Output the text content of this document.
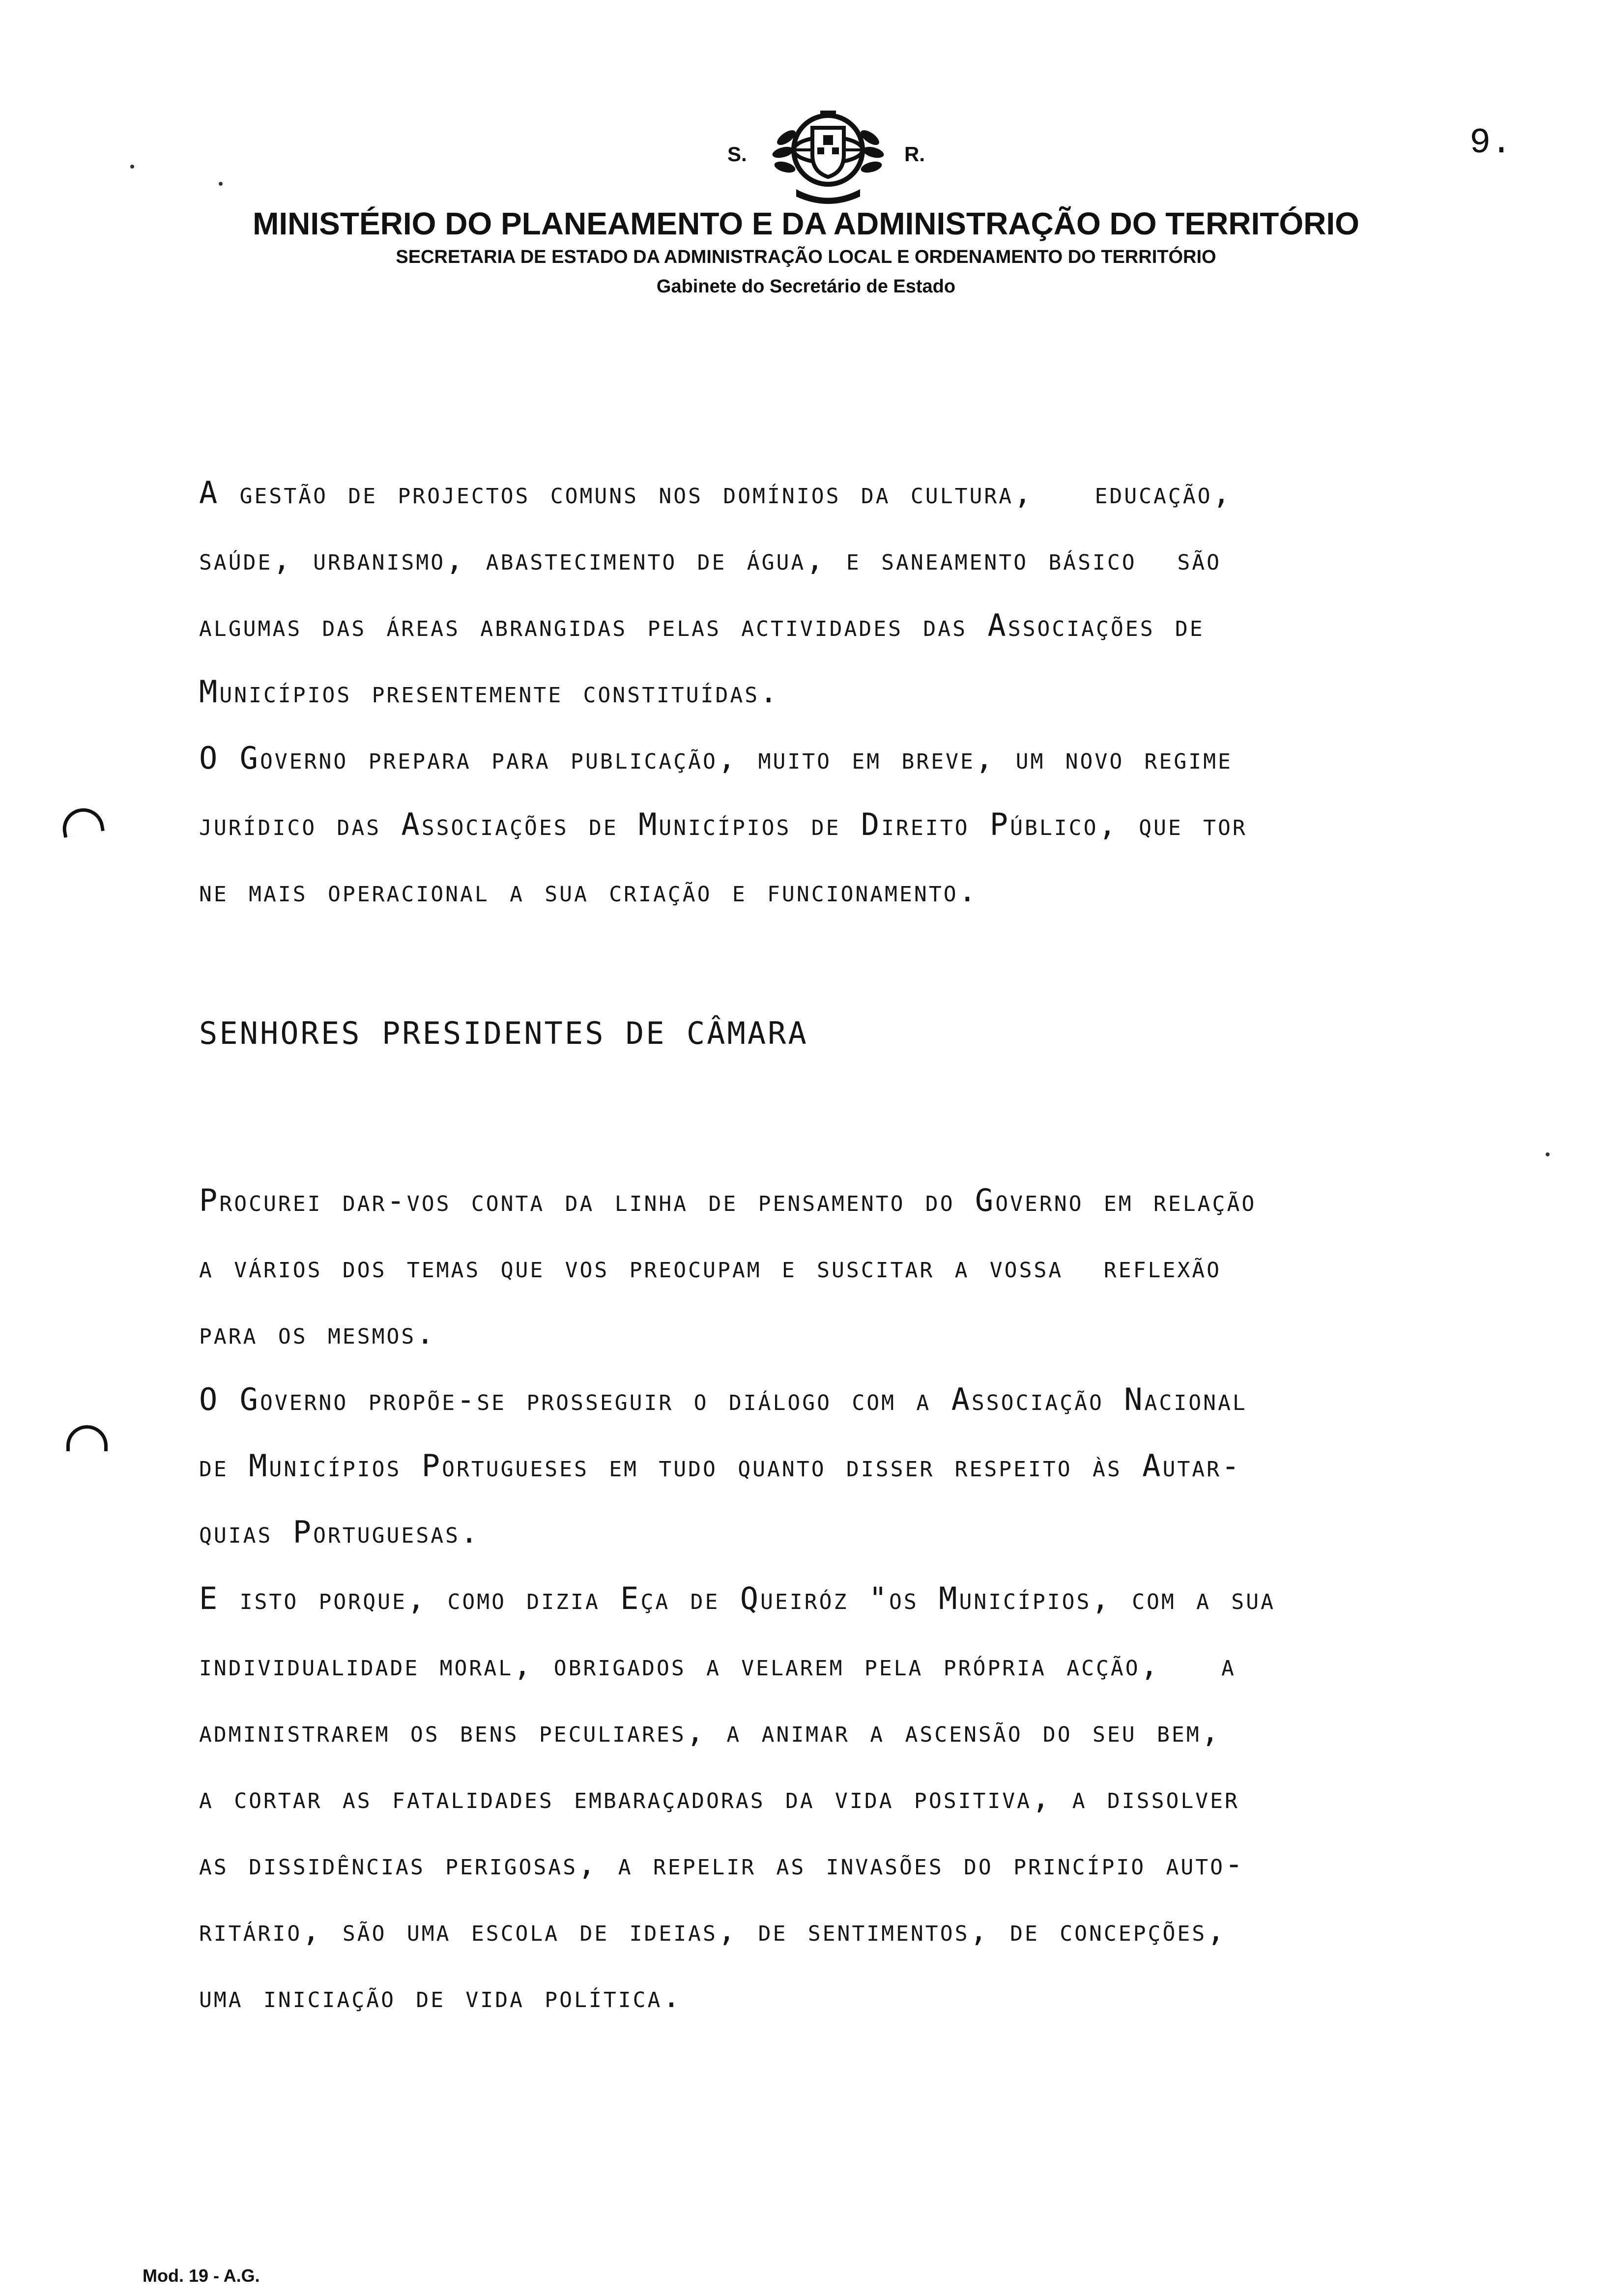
S.	R.
MINISTÉRIO DO PLANEAMENTO E DA ADMINISTRAÇÃO DO TERRITÓRIO
SECRETARIA DE ESTADO DA ADMINISTRAÇÃO LOCAL E ORDENAMENTO DO TERRITÓRIO
Gabinete do Secretário de Estado
9.
A gestão de projectos comuns nos domínios da cultura,   educação,
saúde, urbanismo, abastecimento de água, e saneamento básico  são
algumas das áreas abrangidas pelas actividades das Associações de
Municípios presentemente constituídas.
O Governo prepara para publicação, muito em breve, um novo regime
jurídico das Associações de Municípios de Direito Público, que tor
ne mais operacional a sua criação e funcionamento.
SENHORES PRESIDENTES DE CÂMARA
Procurei dar-vos conta da linha de pensamento do Governo em relação
a vários dos temas que vos preocupam e suscitar a vossa  reflexão
para os mesmos.
O Governo propõe-se prosseguir o diálogo com a Associação Nacional
de Municípios Portugueses em tudo quanto disser respeito às Autar-
quias Portuguesas.
E isto porque, como dizia Eça de Queiróz "os Municípios, com a sua
individualidade moral, obrigados a velarem pela própria acção,   a
administrarem os bens peculiares, a animar a ascensão do seu bem,
a cortar as fatalidades embaraçadoras da vida positiva, a dissolver
as dissidências perigosas, a repelir as invasões do princípio auto-
ritário, são uma escola de ideias, de sentimentos, de concepções,
uma iniciação de vida política.
Mod. 19 - A.G.
